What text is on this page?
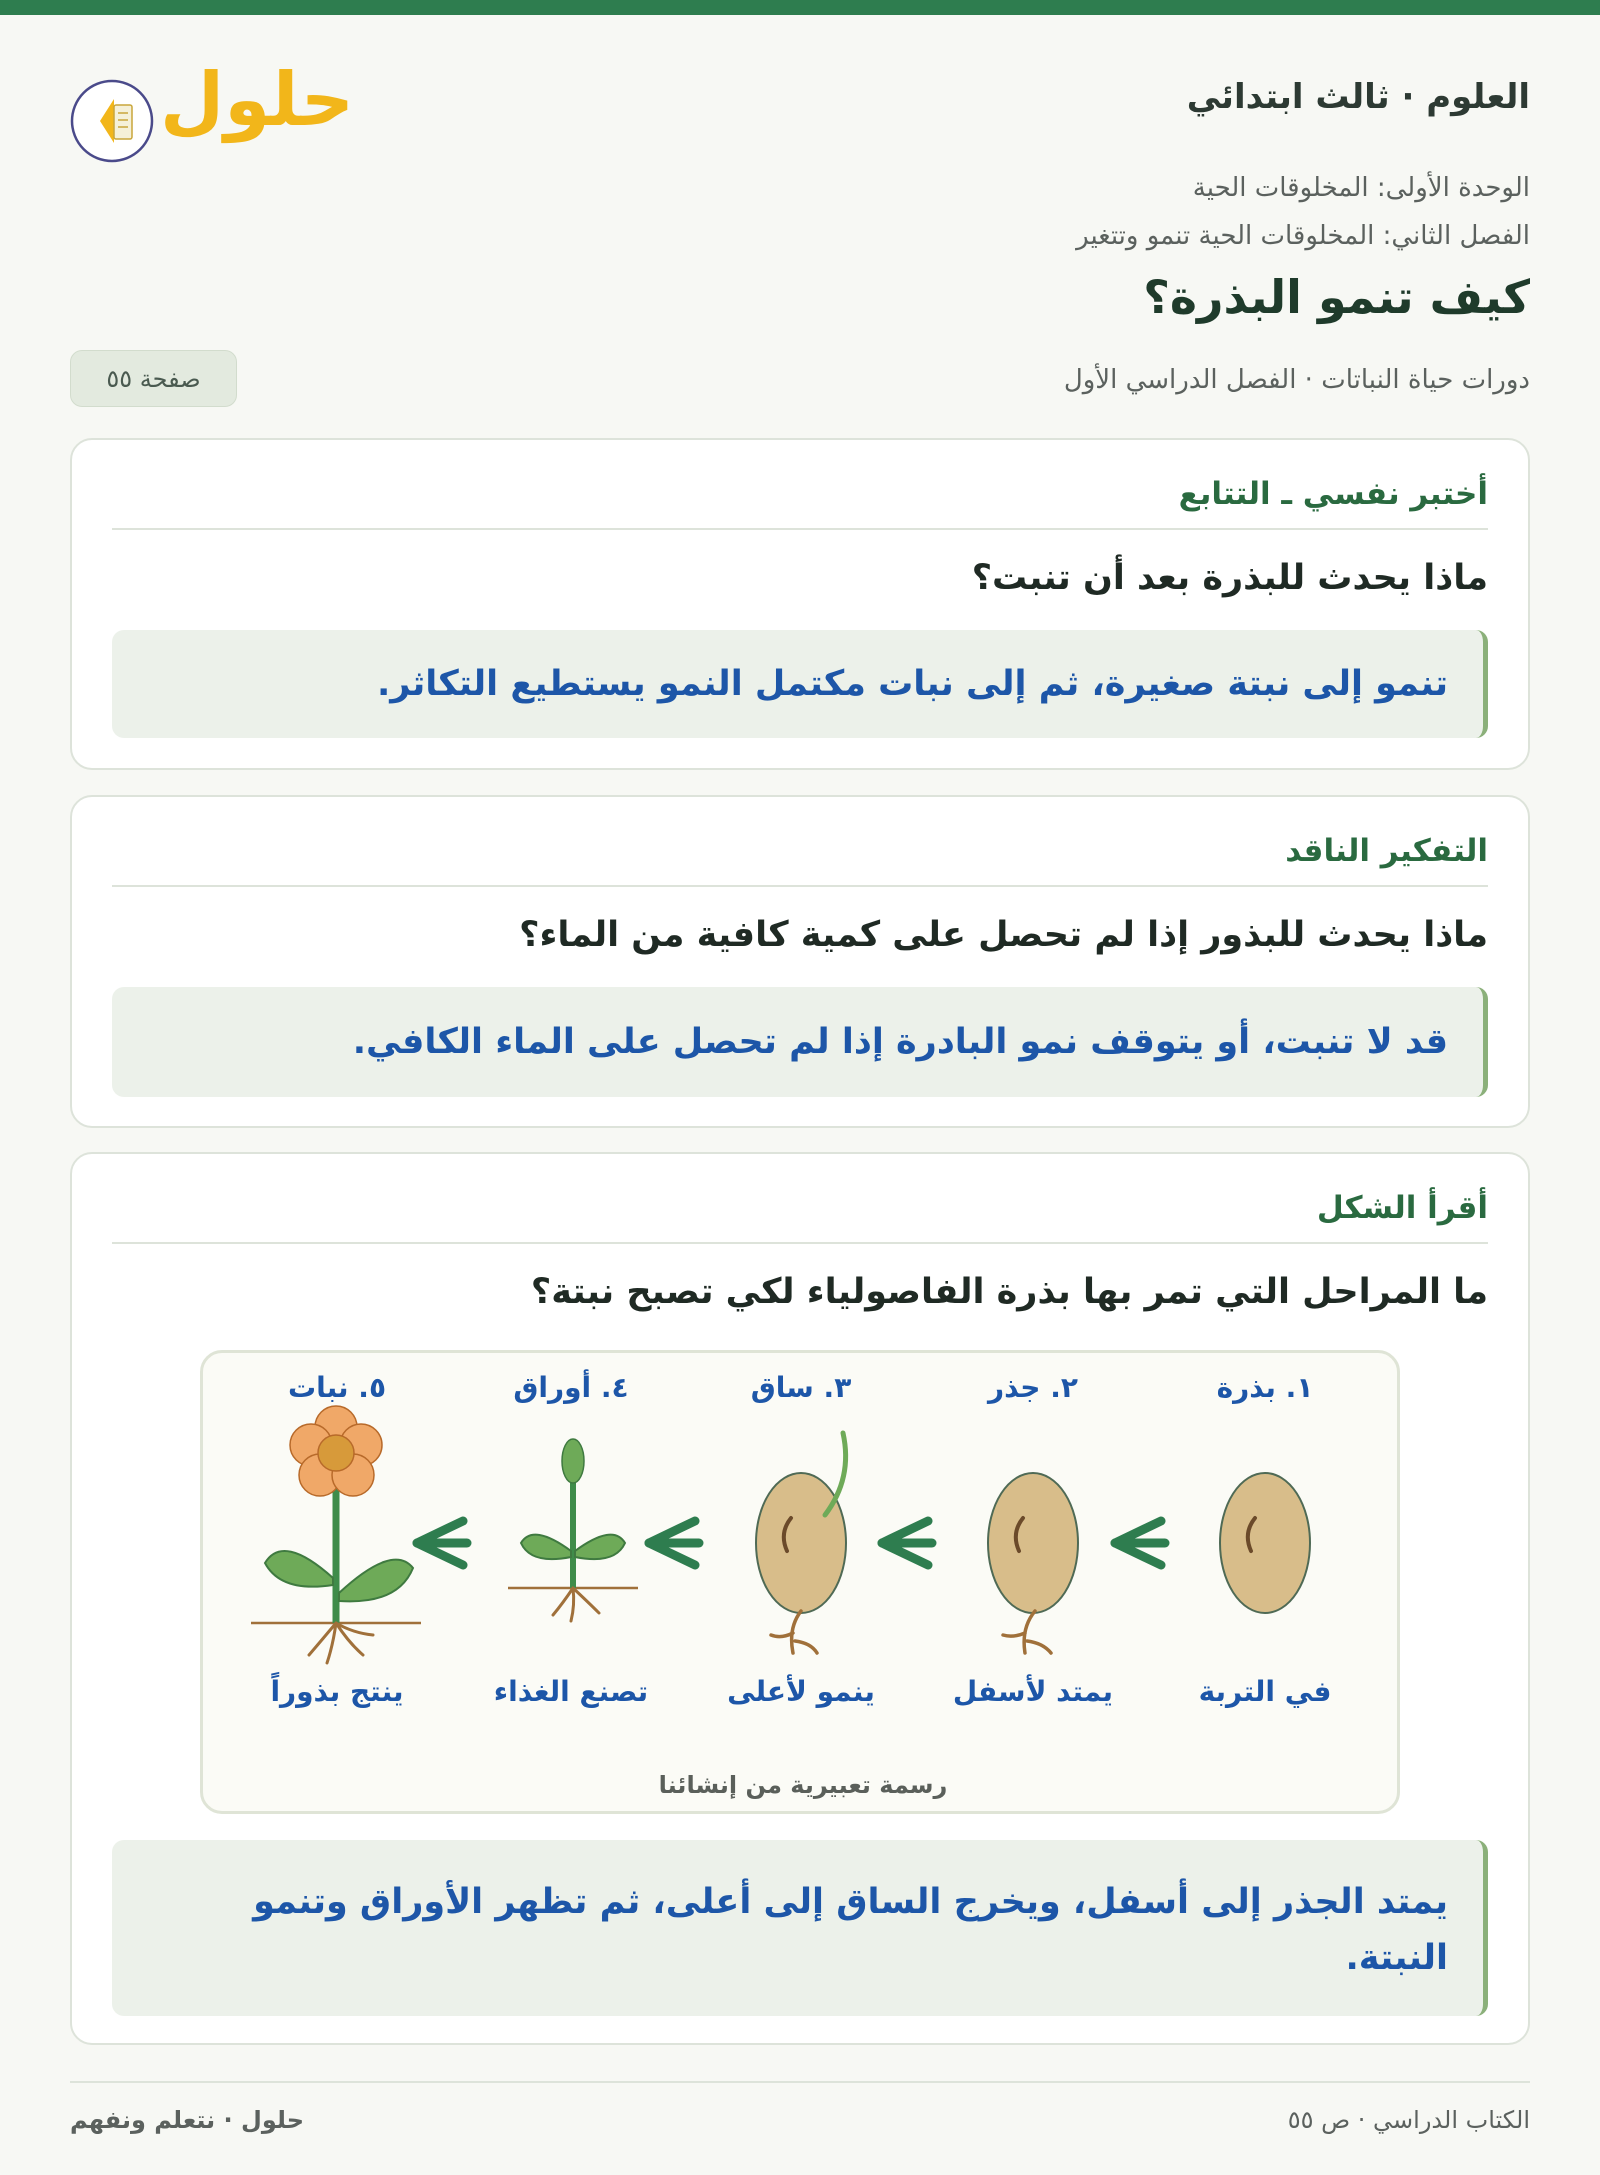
العلوم · ثالث ابتدائي
حلول
الوحدة الأولى: المخلوقات الحية
الفصل الثاني: المخلوقات الحية تنمو وتتغير
كيف تنمو البذرة؟
دورات حياة النباتات · الفصل الدراسي الأول
صفحة ٥٥
أختبر نفسي ـ التتابع
ماذا يحدث للبذرة بعد أن تنبت؟
تنمو إلى نبتة صغيرة، ثم إلى نبات مكتمل النمو يستطيع التكاثر.
التفكير الناقد
ماذا يحدث للبذور إذا لم تحصل على كمية كافية من الماء؟
قد لا تنبت، أو يتوقف نمو البادرة إذا لم تحصل على الماء الكافي.
أقرأ الشكل
ما المراحل التي تمر بها بذرة الفاصولياء لكي تصبح نبتة؟
يمتد الجذر إلى أسفل، ويخرج الساق إلى أعلى، ثم تظهر الأوراق وتنمو النبتة.
١. بذرة
٢. جذر
٣. ساق
٤. أوراق
٥. نبات
في التربة
يمتد لأسفل
ينمو لأعلى
تصنع الغذاء
ينتج بذوراً
رسمة تعبيرية من إنشائنا
الكتاب الدراسي · ص ٥٥
حلول · نتعلم ونفهم
